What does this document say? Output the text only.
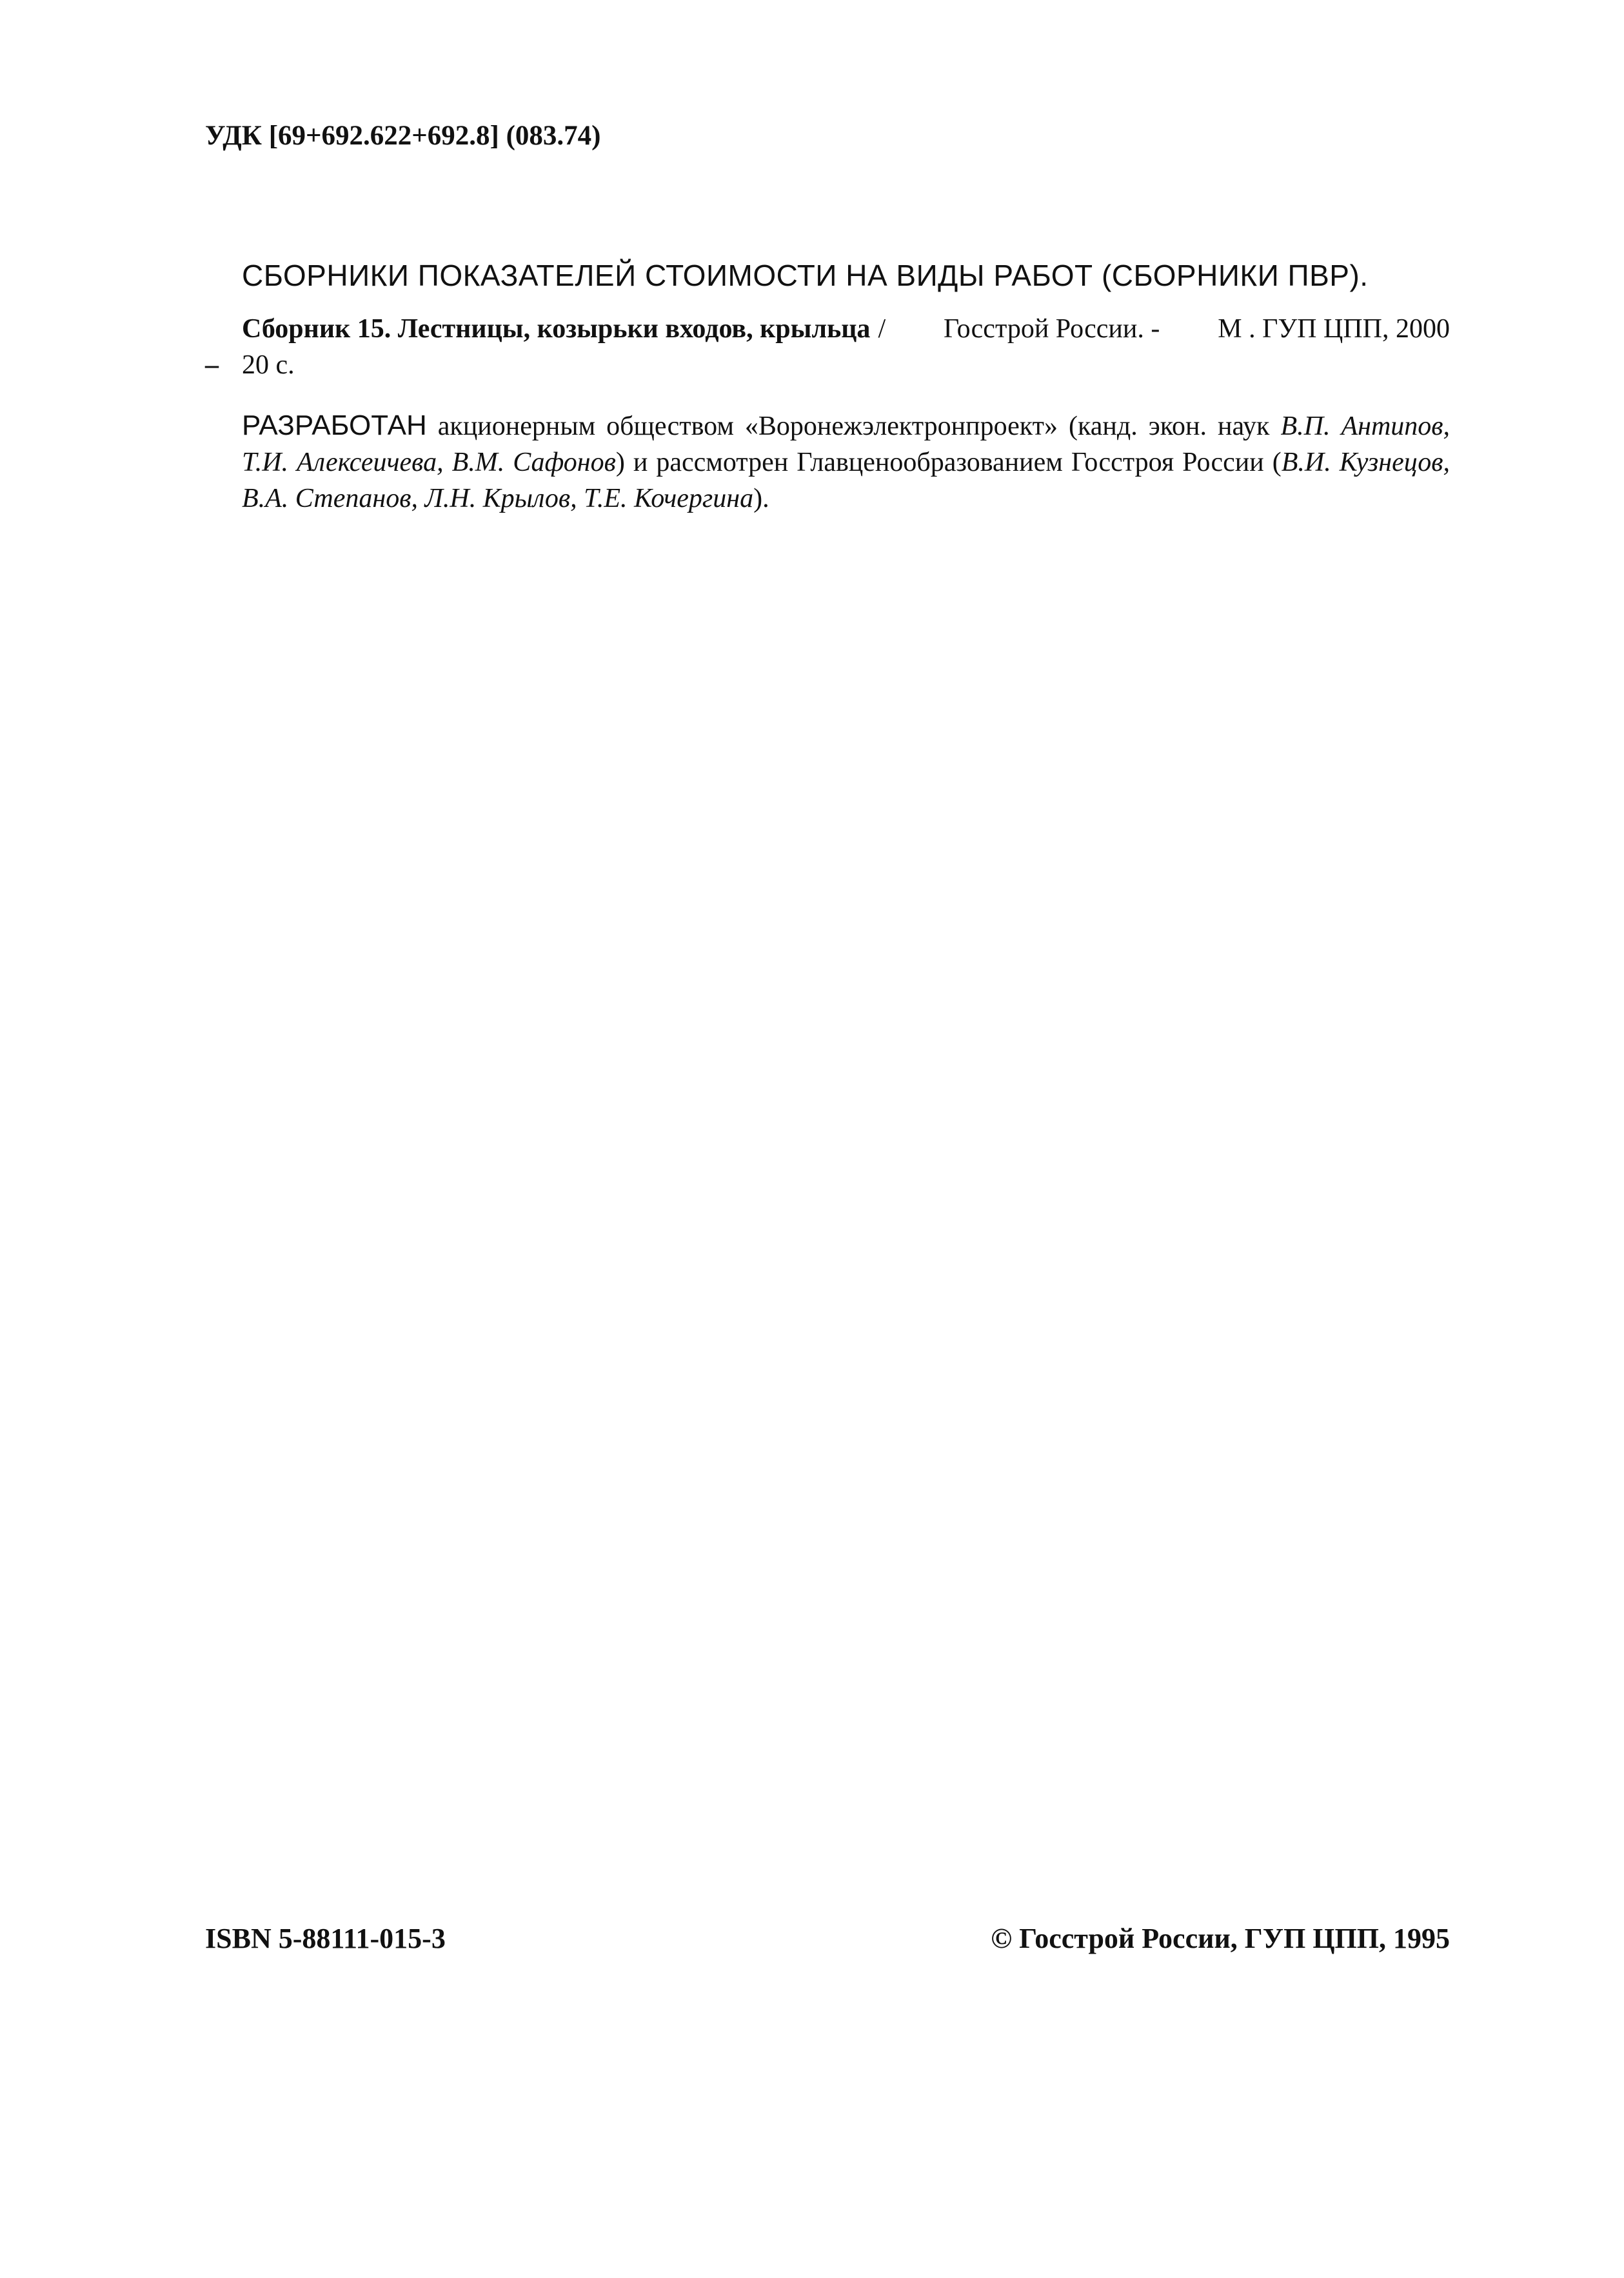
УДК [69+692.622+692.8] (083.74)
СБОРНИКИ ПОКАЗАТЕЛЕЙ СТОИМОСТИ НА ВИДЫ РАБОТ (СБОРНИКИ ПВР).
Сборник 15. Лестницы, козырьки входов, крыльца / Госстрой России. - М . ГУП ЦПП, 2000
– 20 с.
РАЗРАБОТАН акционерным обществом «Воронежэлектронпроект» (канд. экон. наук В.П. Антипов, Т.И. Алексеичева, В.М. Сафонов) и рассмотрен Главценообразованием Госстроя России (В.И. Кузнецов, В.А. Степанов, Л.Н. Крылов, Т.Е. Кочергина).
ISBN 5-88111-015-3	© Госстрой России, ГУП ЦПП, 1995
